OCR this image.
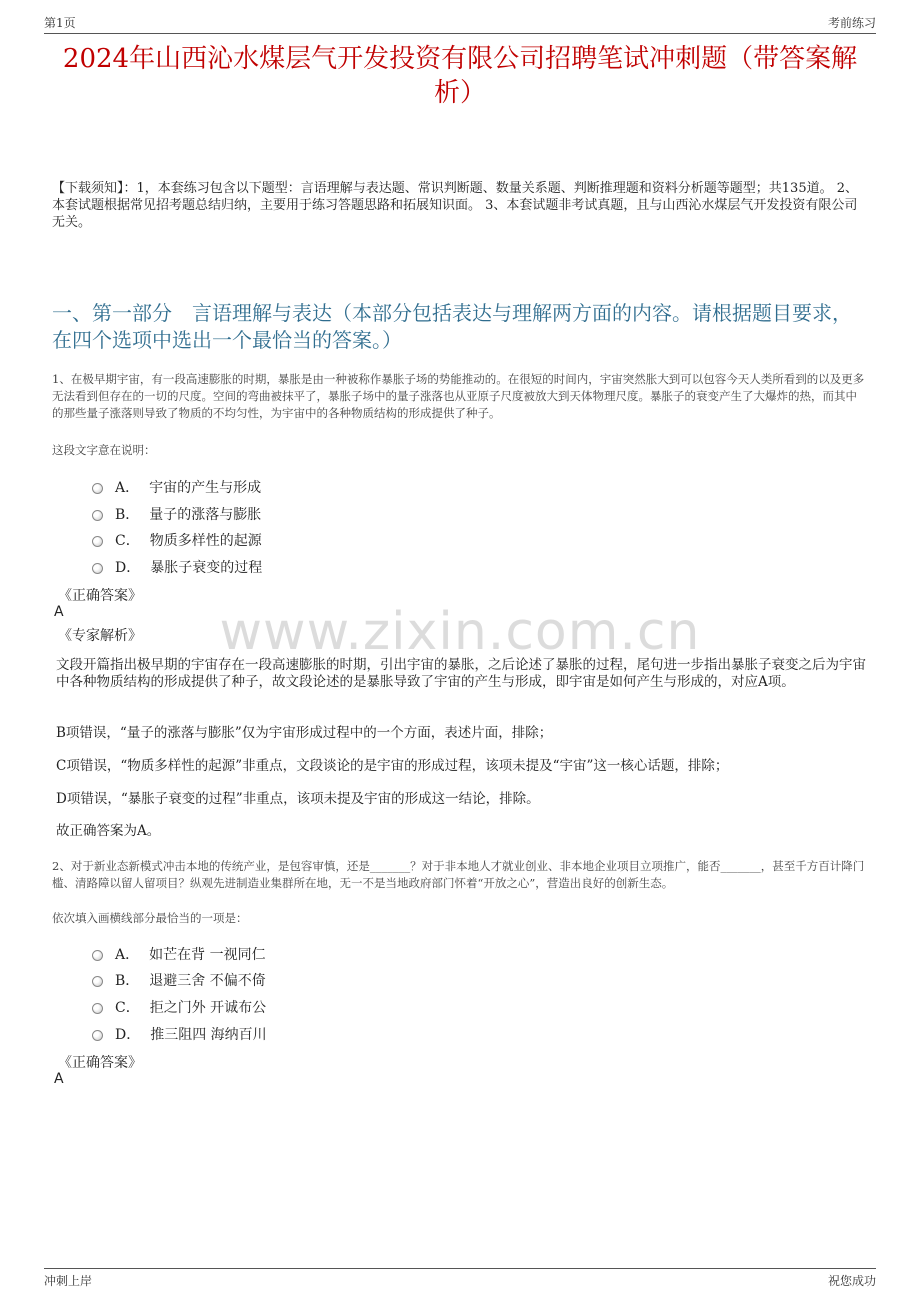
第1页	考前练习
2024年山西沁水煤层气开发投资有限公司招聘笔试冲刺题（带答案解析）
【下载须知】：1，本套练习包含以下题型：言语理解与表达题、常识判断题、数量关系题、判断推理题和资料分析题等题型；共135道。 2、本套试题根据常见招考题总结归纳，主要用于练习答题思路和拓展知识面。 3、本套试题非考试真题，且与山西沁水煤层气开发投资有限公司无关。
一、第一部分　言语理解与表达（本部分包括表达与理解两方面的内容。请根据题目要求，在四个选项中选出一个最恰当的答案。）
1、在极早期宇宙，有一段高速膨胀的时期，暴胀是由一种被称作暴胀子场的势能推动的。在很短的时间内，宇宙突然胀大到可以包容今天人类所看到的以及更多无法看到但存在的一切的尺度。空间的弯曲被抹平了，暴胀子场中的量子涨落也从亚原子尺度被放大到天体物理尺度。暴胀子的衰变产生了大爆炸的热，而其中的那些量子涨落则导致了物质的不均匀性，为宇宙中的各种物质结构的形成提供了种子。
这段文字意在说明：
A． 宇宙的产生与形成
B． 量子的涨落与膨胀
C． 物质多样性的起源
D． 暴胀子衰变的过程
《正确答案》
A
《专家解析》	www.zixin.com.cn
文段开篇指出极早期的宇宙存在一段高速膨胀的时期，引出宇宙的暴胀，之后论述了暴胀的过程，尾句进一步指出暴胀子衰变之后为宇宙中各种物质结构的形成提供了种子，故文段论述的是暴胀导致了宇宙的产生与形成，即宇宙是如何产生与形成的，对应A项。
B项错误，“量子的涨落与膨胀”仅为宇宙形成过程中的一个方面，表述片面，排除；
C项错误，“物质多样性的起源”非重点，文段谈论的是宇宙的形成过程，该项未提及“宇宙”这一核心话题，排除；
D项错误，“暴胀子衰变的过程”非重点，该项未提及宇宙的形成这一结论，排除。
故正确答案为A。
2、对于新业态新模式冲击本地的传统产业，是包容审慎，还是_______？对于非本地人才就业创业、非本地企业项目立项推广，能否_______，甚至千方百计降门槛、清路障以留人留项目？纵观先进制造业集群所在地，无一不是当地政府部门怀着“开放之心”，营造出良好的创新生态。
依次填入画横线部分最恰当的一项是：
A． 如芒在背 一视同仁
B． 退避三舍 不偏不倚
C． 拒之门外 开诚布公
D． 推三阻四 海纳百川
《正确答案》
A
冲刺上岸	祝您成功
